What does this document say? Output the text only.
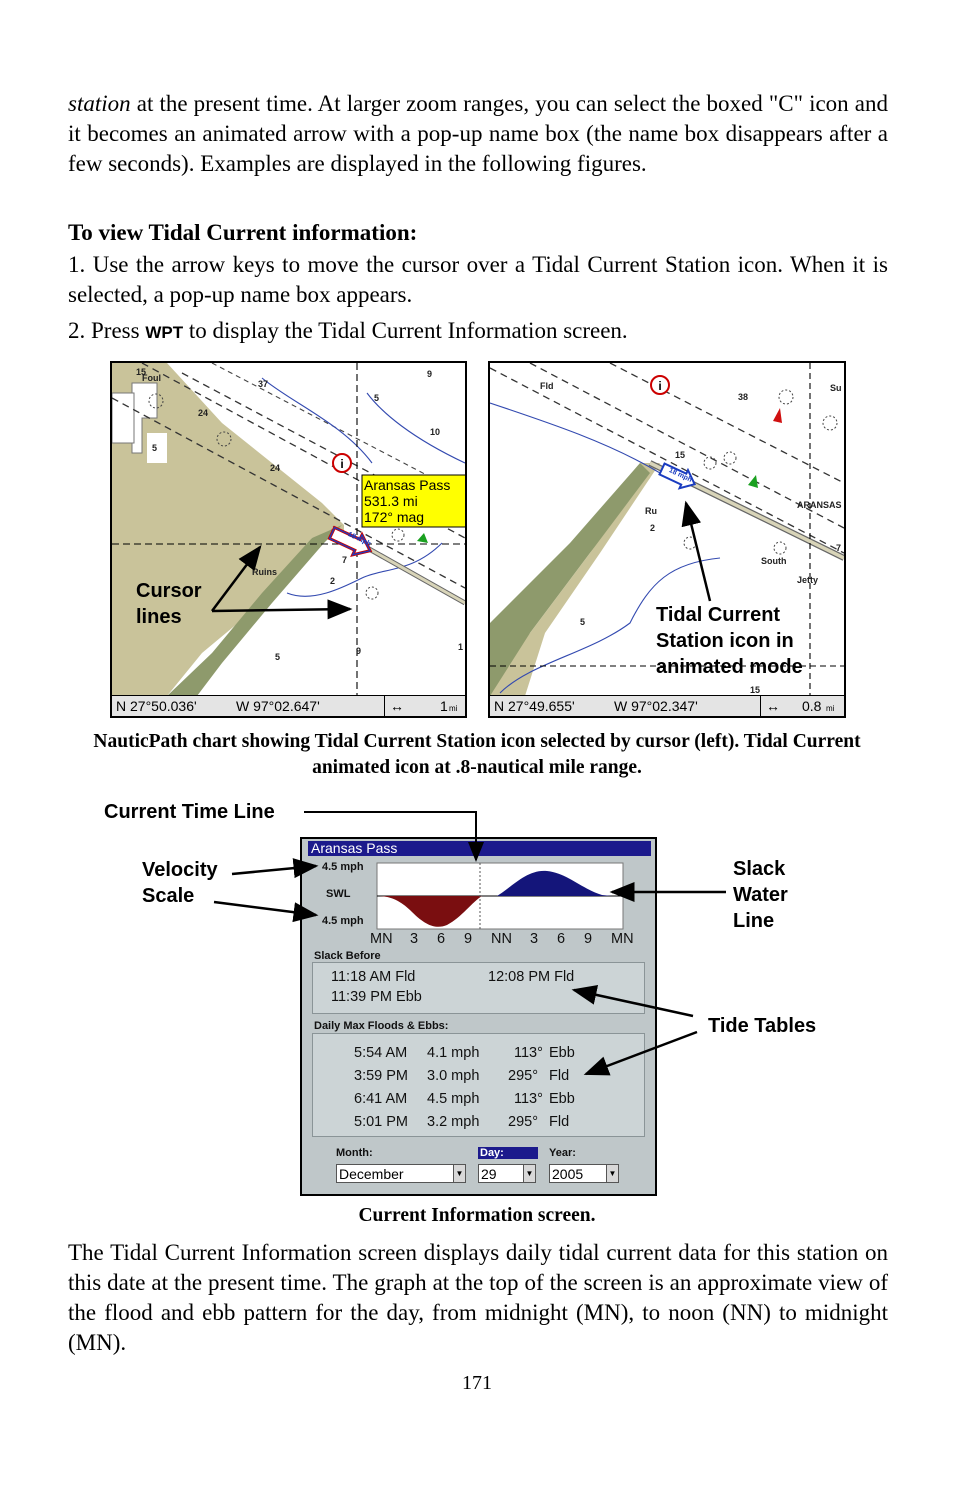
station at the present time. At larger zoom ranges, you can select the boxed "C" icon and it becomes an animated arrow with a pop-up name box (the name box disappears after a few seconds). Examples are displayed in the following figures.
To view Tidal Current information:
1. Use the arrow keys to move the cursor over a Tidal Current Station icon. When it is selected, a pop-up name box appears.
2. Press WPT to display the Tidal Current Information screen.
i
Aransas Pass
531.3 mi
172° mag
Foul
Ruins
15
37
9
24
5
10
24
5
2
7
5
9	1
18 mph
Cursor lines
N 27°50.036'	W 97°02.647'	↔	1 mi
i
Fld
Ru
ARANSAS
South
Jetty
Su
38
15
2
5
15
7
18 mph
Tidal Current Station icon in animated mode
N 27°49.655'	W 97°02.347'	↔ 0.8 mi
NauticPath chart showing Tidal Current Station icon selected by cursor (left). Tidal Current animated icon at .8-nautical mile range.
Current Time Line
Velocity Scale
Slack Water Line
Tide Tables
Aransas Pass
4.5 mph
SWL
4.5 mph
MN 3 6 9 NN 3 6 9 MN
Slack Before
11:18 AM Fld	12:08 PM Fld
11:39 PM Ebb
Daily Max Floods & Ebbs:
5:54 AM 4.1 mph 113° Ebb
3:59 PM 3.0 mph 295° Fld
6:41 AM 4.5 mph 113° Ebb
5:01 PM 3.2 mph 295° Fld
Month:
December	▼
Day:
29	▼
Year:
2005	▼
Current Information screen.
The Tidal Current Information screen displays daily tidal current data for this station on this date at the present time. The graph at the top of the screen is an approximate view of the flood and ebb pattern for the day, from midnight (MN), to noon (NN) to midnight (MN).
171
